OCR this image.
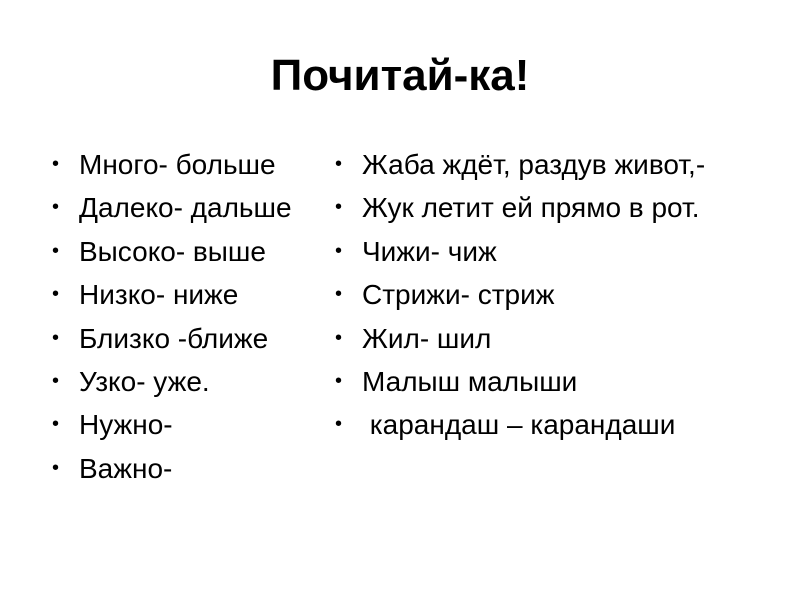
Почитай-ка!
• Много- больше
• Далеко- дальше
• Высоко- выше
• Низко- ниже
• Близко -ближе
• Узко- уже.
• Нужно-
• Важно-
• Жаба ждёт, раздув живот,-
• Жук летит ей прямо в рот.
• Чижи- чиж
• Стрижи- стриж
• Жил- шил
• Малыш малыши
• карандаш – карандаши
